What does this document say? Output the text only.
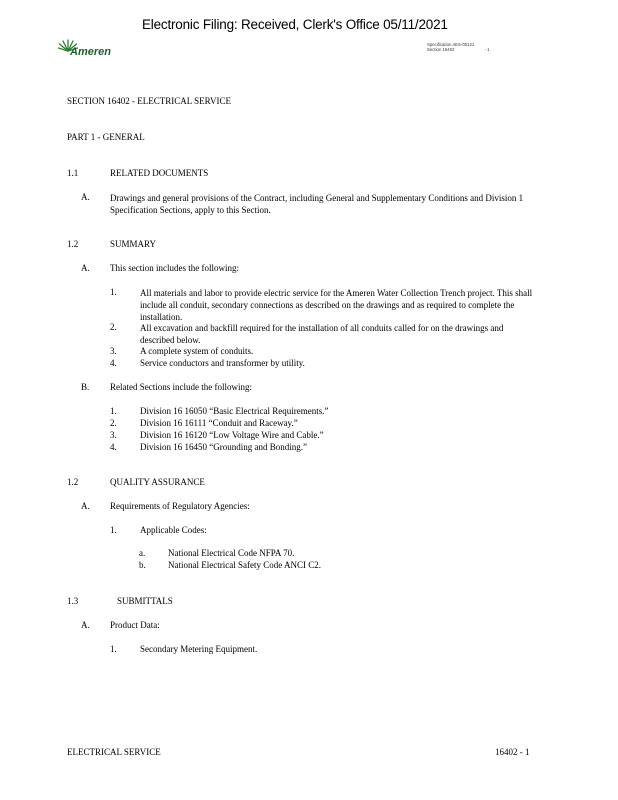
Electronic Filing: Received, Clerk's Office 05/11/2021
Ameren
Specification AES-00121
Section 16402	- 1
SECTION 16402 - ELECTRICAL SERVICE
PART 1 - GENERAL
1.1	RELATED DOCUMENTS
A. Drawings and general provisions of the Contract, including General and Supplementary Conditions and Division 1 Specification Sections, apply to this Section.
1.2	SUMMARY
A. This section includes the following:
1.	All materials and labor to provide electric service for the Ameren Water Collection Trench project. This shall include all conduit, secondary connections as described on the drawings and as required to complete the installation.
2.	All excavation and backfill required for the installation of all conduits called for on the drawings and described below.
3.	A complete system of conduits.
4.	Service conductors and transformer by utility.
B. Related Sections include the following:
1.	Division 16 16050 “Basic Electrical Requirements.”
2.	Division 16 16111 “Conduit and Raceway.”
3.	Division 16 16120 “Low Voltage Wire and Cable.”
4.	Division 16 16450 “Grounding and Bonding.”
1.2	QUALITY ASSURANCE
A. Requirements of Regulatory Agencies:
1.	Applicable Codes:
a.	National Electrical Code NFPA 70.
b. National Electrical Safety Code ANCI C2.
1.3	SUBMITTALS
A. Product Data:
1.	Secondary Metering Equipment.
ELECTRICAL SERVICE	16402 - 1
